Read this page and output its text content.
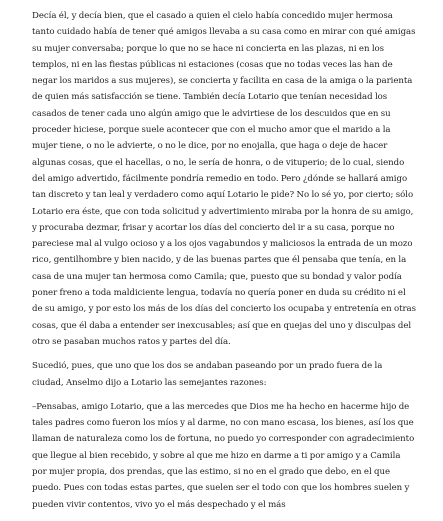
Decía él, y decía bien, que el casado a quien el cielo había concedido mujer hermosa tanto cuidado había de tener qué amigos llevaba a su casa como en mirar con qué amigas su mujer conversaba; porque lo que no se hace ni concierta en las plazas, ni en los templos, ni en las fiestas públicas ni estaciones (cosas que no todas veces las han de negar los maridos a sus mujeres), se concierta y facilita en casa de la amiga o la parienta de quien más satisfacción se tiene. También decía Lotario que tenían necesidad los casados de tener cada uno algún amigo que le advirtiese de los descuidos que en su proceder hiciese, porque suele acontecer que con el mucho amor que el marido a la mujer tiene, o no le advierte, o no le dice, por no enojalla, que haga o deje de hacer algunas cosas, que el hacellas, o no, le sería de honra, o de vituperio; de lo cual, siendo del amigo advertido, fácilmente pondría remedio en todo. Pero ¿dónde se hallará amigo tan discreto y tan leal y verdadero como aquí Lotario le pide? No lo sé yo, por cierto; sólo Lotario era éste, que con toda solicitud y advertimiento miraba por la honra de su amigo, y procuraba dezmar, frisar y acortar los días del concierto del ir a su casa, porque no pareciese mal al vulgo ocioso y a los ojos vagabundos y maliciosos la entrada de un mozo rico, gentilhombre y bien nacido, y de las buenas partes que él pensaba que tenía, en la casa de una mujer tan hermosa como Camila; que, puesto que su bondad y valor podía poner freno a toda maldiciente lengua, todavía no quería poner en duda su crédito ni el de su amigo, y por esto los más de los días del concierto los ocupaba y entretenía en otras cosas, que él daba a entender ser inexcusables; así que en quejas del uno y disculpas del otro se pasaban muchos ratos y partes del día.

Sucedió, pues, que uno que los dos se andaban paseando por un prado fuera de la ciudad, Anselmo dijo a Lotario las semejantes razones:

–Pensabas, amigo Lotario, que a las mercedes que Dios me ha hecho en hacerme hijo de tales padres como fueron los míos y al darme, no con mano escasa, los bienes, así los que llaman de naturaleza como los de fortuna, no puedo yo corresponder con agradecimiento que llegue al bien recebido, y sobre al que me hizo en darme a ti por amigo y a Camila por mujer propia, dos prendas, que las estimo, si no en el grado que debo, en el que puedo. Pues con todas estas partes, que suelen ser el todo con que los hombres suelen y pueden vivir contentos, vivo yo el más despechado y el más
